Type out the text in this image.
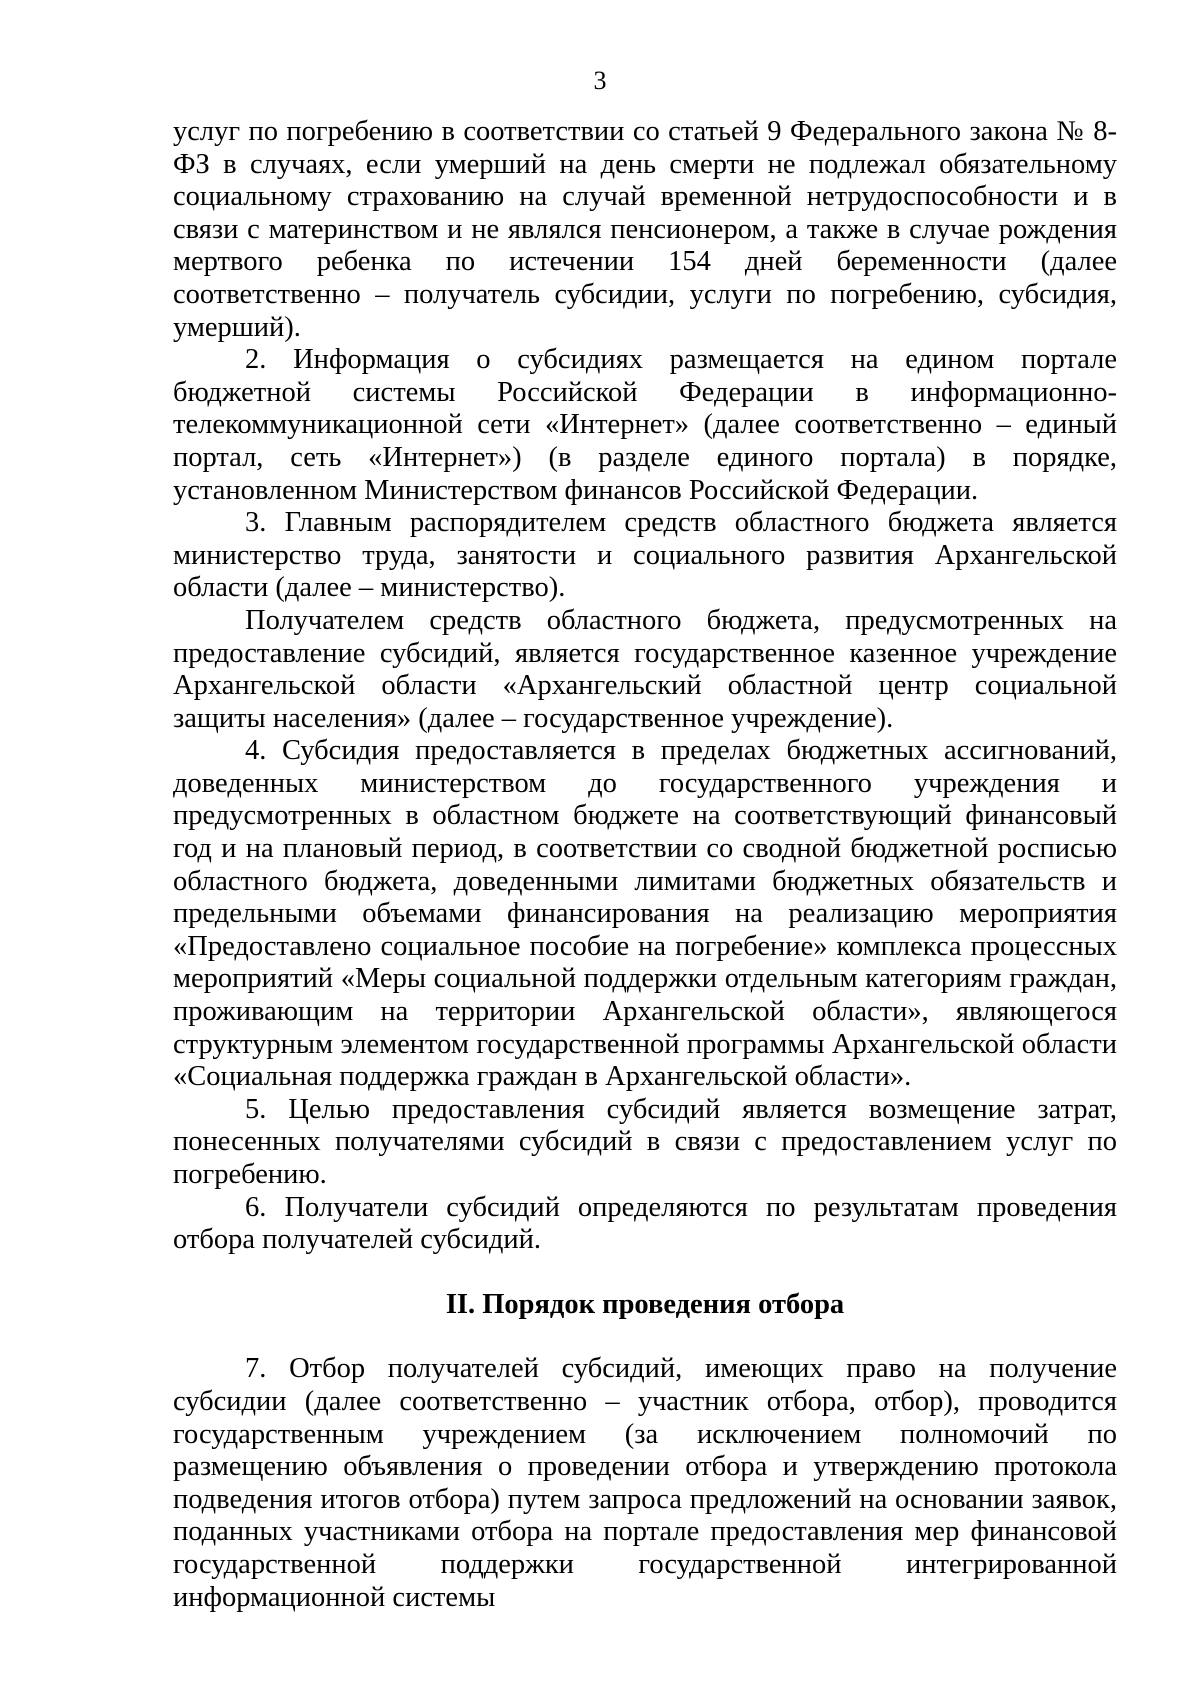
3

услуг по погребению в соответствии со статьей 9 Федерального закона № 8-ФЗ в случаях, если умерший на день смерти не подлежал обязательному социальному страхованию на случай временной нетрудоспособности и в связи с материнством и не являлся пенсионером, а также в случае рождения мертвого ребенка по истечении 154 дней беременности (далее соответственно – получатель субсидии, услуги по погребению, субсидия, умерший).

2. Информация о субсидиях размещается на едином портале бюджетной системы Российской Федерации в информационно-телекоммуникационной сети «Интернет» (далее соответственно – единый портал, сеть «Интернет») (в разделе единого портала) в порядке, установленном Министерством финансов Российской Федерации.

3. Главным распорядителем средств областного бюджета является министерство труда, занятости и социального развития Архангельской области (далее – министерство).

Получателем средств областного бюджета, предусмотренных на предоставление субсидий, является государственное казенное учреждение Архангельской области «Архангельский областной центр социальной защиты населения» (далее – государственное учреждение).

4. Субсидия предоставляется в пределах бюджетных ассигнований, доведенных министерством до государственного учреждения и предусмотренных в областном бюджете на соответствующий финансовый год и на плановый период, в соответствии со сводной бюджетной росписью областного бюджета, доведенными лимитами бюджетных обязательств и предельными объемами финансирования на реализацию мероприятия «Предоставлено социальное пособие на погребение» комплекса процессных мероприятий «Меры социальной поддержки отдельным категориям граждан, проживающим на территории Архангельской области», являющегося структурным элементом государственной программы Архангельской области «Социальная поддержка граждан в Архангельской области».

5. Целью предоставления субсидий является возмещение затрат, понесенных получателями субсидий в связи с предоставлением услуг по погребению.

6. Получатели субсидий определяются по результатам проведения отбора получателей субсидий.

II. Порядок проведения отбора

7. Отбор получателей субсидий, имеющих право на получение субсидии (далее соответственно – участник отбора, отбор), проводится государственным учреждением (за исключением полномочий по размещению объявления о проведении отбора и утверждению протокола подведения итогов отбора) путем запроса предложений на основании заявок, поданных участниками отбора на портале предоставления мер финансовой государственной поддержки государственной интегрированной информационной системы
